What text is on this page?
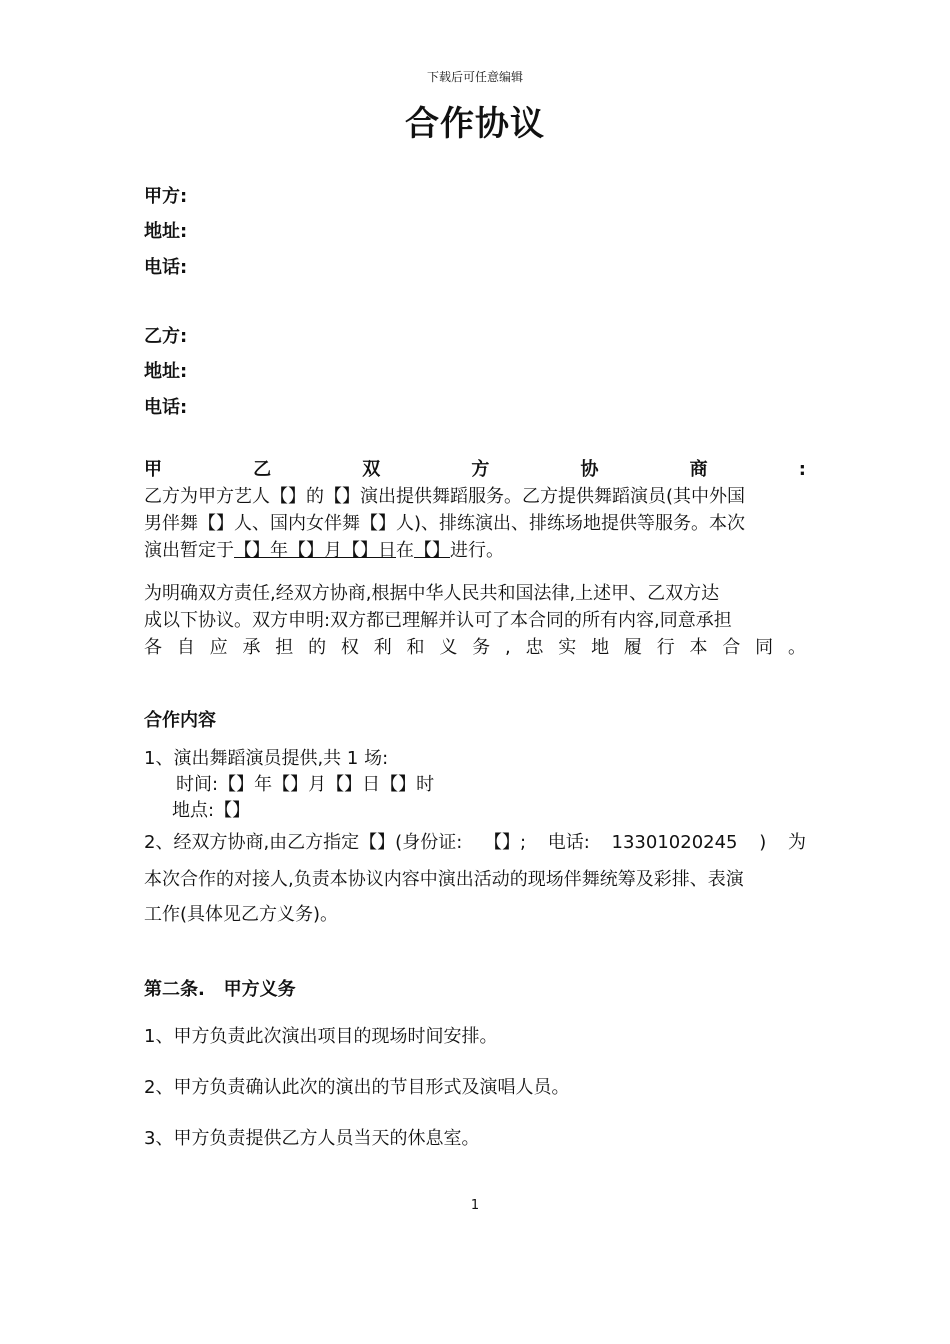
下载后可任意编辑
合作协议
甲方:
地址:
电话:
乙方:
地址:
电话:
甲	乙	双	方	协	商	:
乙方为甲方艺人【】的【】演出提供舞蹈服务。乙方提供舞蹈演员(其中外国
男伴舞【】人、国内女伴舞【】人)、排练演出、排练场地提供等服务。本次
演出暂定于【】年【】月【】日在【】进行。
为明确双方责任,经双方协商,根据中华人民共和国法律,上述甲、乙双方达
成以下协议。双方申明:双方都已理解并认可了本合同的所有内容,同意承担
各 自 应 承 担 的 权 利 和 义 务 , 忠 实 地 履 行 本 合 同 。
合作内容
1、演出舞蹈演员提供,共 1 场:
时间:【】年【】月【】日【】时
地点:【】
2、经双方协商,由乙方指定【】(身份证: 【】; 电话: 13301020245 ) 为
本次合作的对接人,负责本协议内容中演出活动的现场伴舞统筹及彩排、表演
工作(具体见乙方义务)。
第二条.   甲方义务
1、甲方负责此次演出项目的现场时间安排。
2、甲方负责确认此次的演出的节目形式及演唱人员。
3、甲方负责提供乙方人员当天的休息室。
1
